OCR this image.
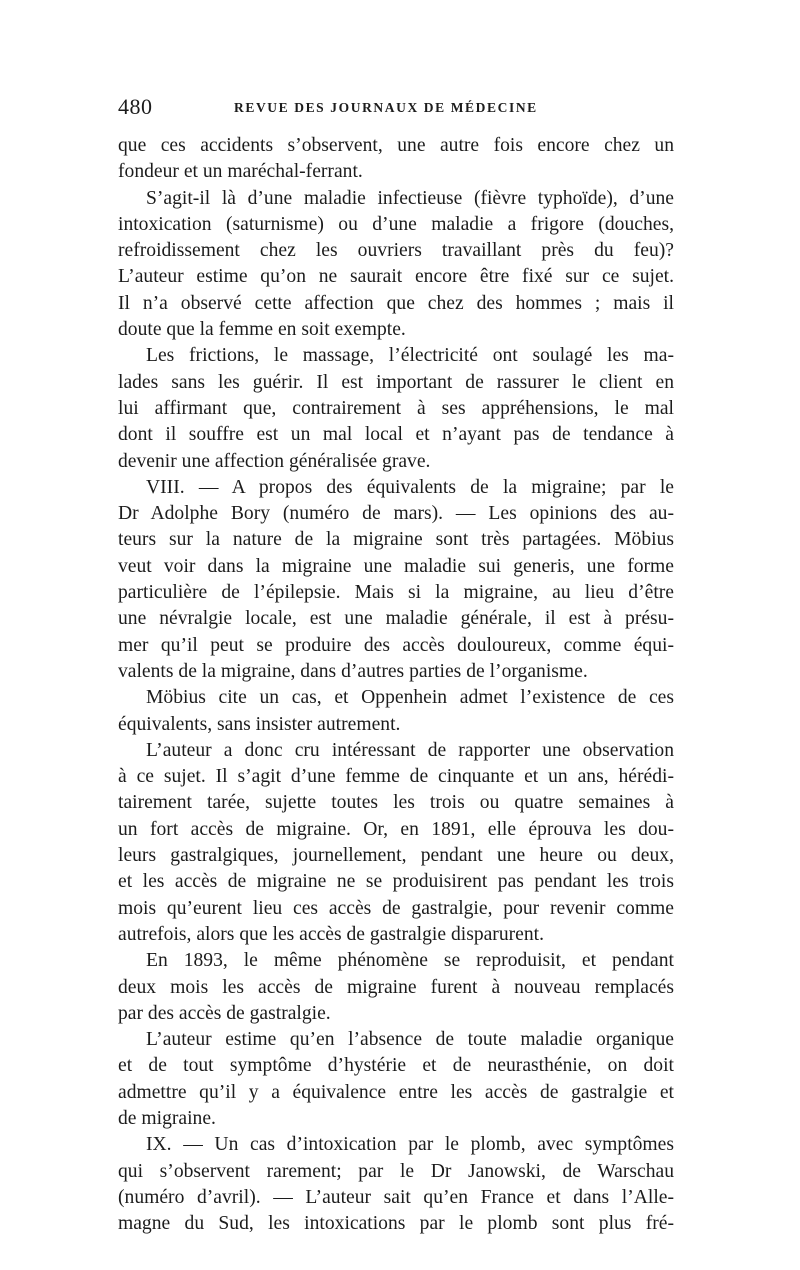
480	REVUE DES JOURNAUX DE MÉDECINE
que ces accidents s’observent, une autre fois encore chez un
fondeur et un maréchal-ferrant.
S’agit-il là d’une maladie infectieuse (fièvre typhoïde), d’une
intoxication (saturnisme) ou d’une maladie a frigore (douches,
refroidissement chez les ouvriers travaillant près du feu)?
L’auteur estime qu’on ne saurait encore être fixé sur ce sujet.
Il n’a observé cette affection que chez des hommes ; mais il
doute que la femme en soit exempte.
Les frictions, le massage, l’électricité ont soulagé les ma-
lades sans les guérir. Il est important de rassurer le client en
lui affirmant que, contrairement à ses appréhensions, le mal
dont il souffre est un mal local et n’ayant pas de tendance à
devenir une affection généralisée grave.
VIII. — A propos des équivalents de la migraine; par le
Dr Adolphe Bory (numéro de mars). — Les opinions des au-
teurs sur la nature de la migraine sont très partagées. Möbius
veut voir dans la migraine une maladie sui generis, une forme
particulière de l’épilepsie. Mais si la migraine, au lieu d’être
une névralgie locale, est une maladie générale, il est à présu-
mer qu’il peut se produire des accès douloureux, comme équi-
valents de la migraine, dans d’autres parties de l’organisme.
Möbius cite un cas, et Oppenhein admet l’existence de ces
équivalents, sans insister autrement.
L’auteur a donc cru intéressant de rapporter une observation
à ce sujet. Il s’agit d’une femme de cinquante et un ans, hérédi-
tairement tarée, sujette toutes les trois ou quatre semaines à
un fort accès de migraine. Or, en 1891, elle éprouva les dou-
leurs gastralgiques, journellement, pendant une heure ou deux,
et les accès de migraine ne se produisirent pas pendant les trois
mois qu’eurent lieu ces accès de gastralgie, pour revenir comme
autrefois, alors que les accès de gastralgie disparurent.
En 1893, le même phénomène se reproduisit, et pendant
deux mois les accès de migraine furent à nouveau remplacés
par des accès de gastralgie.
L’auteur estime qu’en l’absence de toute maladie organique
et de tout symptôme d’hystérie et de neurasthénie, on doit
admettre qu’il y a équivalence entre les accès de gastralgie et
de migraine.
IX. — Un cas d’intoxication par le plomb, avec symptômes
qui s’observent rarement; par le Dr Janowski, de Warschau
(numéro d’avril). — L’auteur sait qu’en France et dans l’Alle-
magne du Sud, les intoxications par le plomb sont plus fré-
